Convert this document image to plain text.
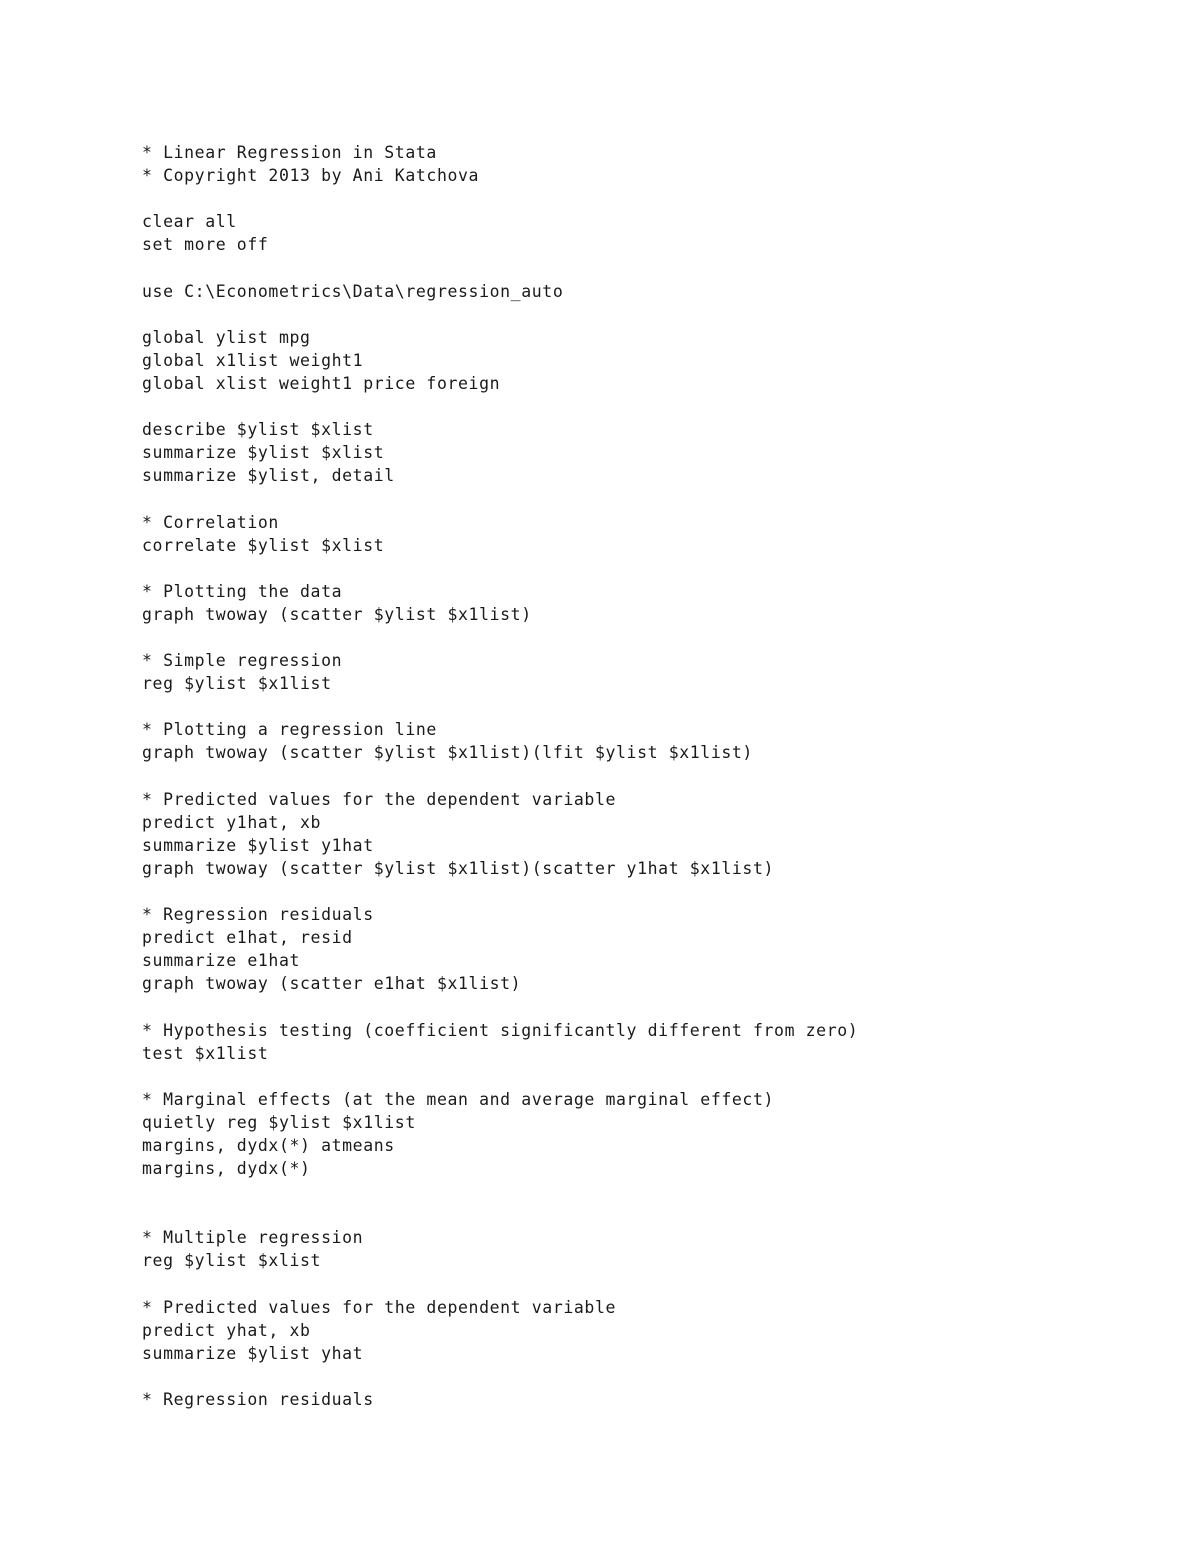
* Linear Regression in Stata
* Copyright 2013 by Ani Katchova
clear all
set more off
use C:\Econometrics\Data\regression_auto
global ylist mpg
global x1list weight1
global xlist weight1 price foreign
describe $ylist $xlist
summarize $ylist $xlist
summarize $ylist, detail
* Correlation
correlate $ylist $xlist
* Plotting the data
graph twoway (scatter $ylist $x1list)
* Simple regression
reg $ylist $x1list
* Plotting a regression line
graph twoway (scatter $ylist $x1list)(lfit $ylist $x1list)
* Predicted values for the dependent variable
predict y1hat, xb
summarize $ylist y1hat
graph twoway (scatter $ylist $x1list)(scatter y1hat $x1list)
* Regression residuals
predict e1hat, resid
summarize e1hat
graph twoway (scatter e1hat $x1list)
* Hypothesis testing (coefficient significantly different from zero)
test $x1list
* Marginal effects (at the mean and average marginal effect)
quietly reg $ylist $x1list
margins, dydx(*) atmeans
margins, dydx(*)
* Multiple regression
reg $ylist $xlist
* Predicted values for the dependent variable
predict yhat, xb
summarize $ylist yhat
* Regression residuals
